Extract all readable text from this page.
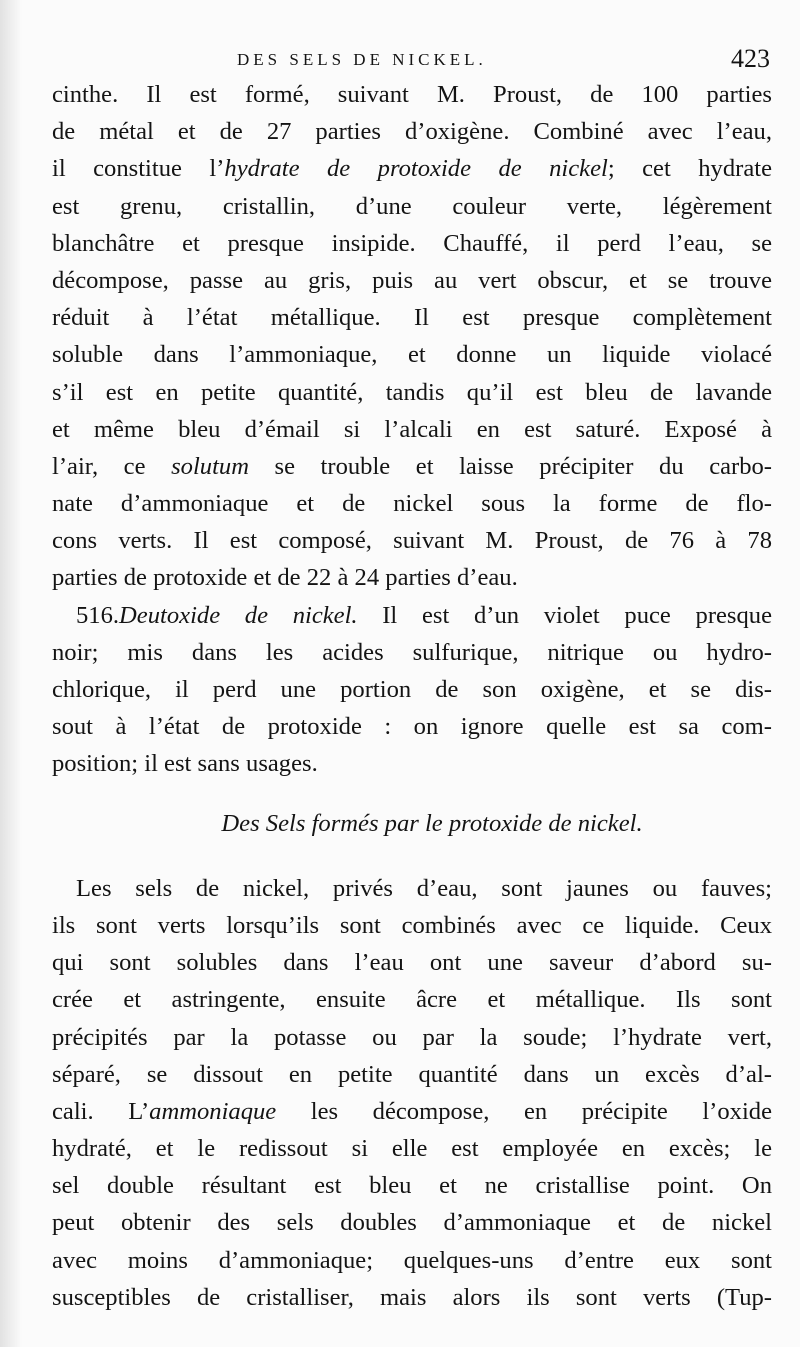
DES SELS DE NICKEL.	423
cinthe. Il est formé, suivant M. Proust, de 100 parties
de métal et de 27 parties d’oxigène. Combiné avec l’eau,
il constitue l’hydrate de protoxide de nickel; cet hydrate
est grenu, cristallin, d’une couleur verte, légèrement
blanchâtre et presque insipide. Chauffé, il perd l’eau, se
décompose, passe au gris, puis au vert obscur, et se trouve
réduit à l’état métallique. Il est presque complètement
soluble dans l’ammoniaque, et donne un liquide violacé
s’il est en petite quantité, tandis qu’il est bleu de lavande
et même bleu d’émail si l’alcali en est saturé. Exposé à
l’air, ce solutum se trouble et laisse précipiter du carbo-
nate d’ammoniaque et de nickel sous la forme de flo-
cons verts. Il est composé, suivant M. Proust, de 76 à 78
parties de protoxide et de 22 à 24 parties d’eau.
516.Deutoxide de nickel. Il est d’un violet puce presque
noir; mis dans les acides sulfurique, nitrique ou hydro-
chlorique, il perd une portion de son oxigène, et se dis-
sout à l’état de protoxide : on ignore quelle est sa com-
position; il est sans usages.
Des Sels formés par le protoxide de nickel.
Les sels de nickel, privés d’eau, sont jaunes ou fauves;
ils sont verts lorsqu’ils sont combinés avec ce liquide. Ceux
qui sont solubles dans l’eau ont une saveur d’abord su-
crée et astringente, ensuite âcre et métallique. Ils sont
précipités par la potasse ou par la soude; l’hydrate vert,
séparé, se dissout en petite quantité dans un excès d’al-
cali. L’ammoniaque les décompose, en précipite l’oxide
hydraté, et le redissout si elle est employée en excès; le
sel double résultant est bleu et ne cristallise point. On
peut obtenir des sels doubles d’ammoniaque et de nickel
avec moins d’ammoniaque; quelques-uns d’entre eux sont
susceptibles de cristalliser, mais alors ils sont verts (Tup-
